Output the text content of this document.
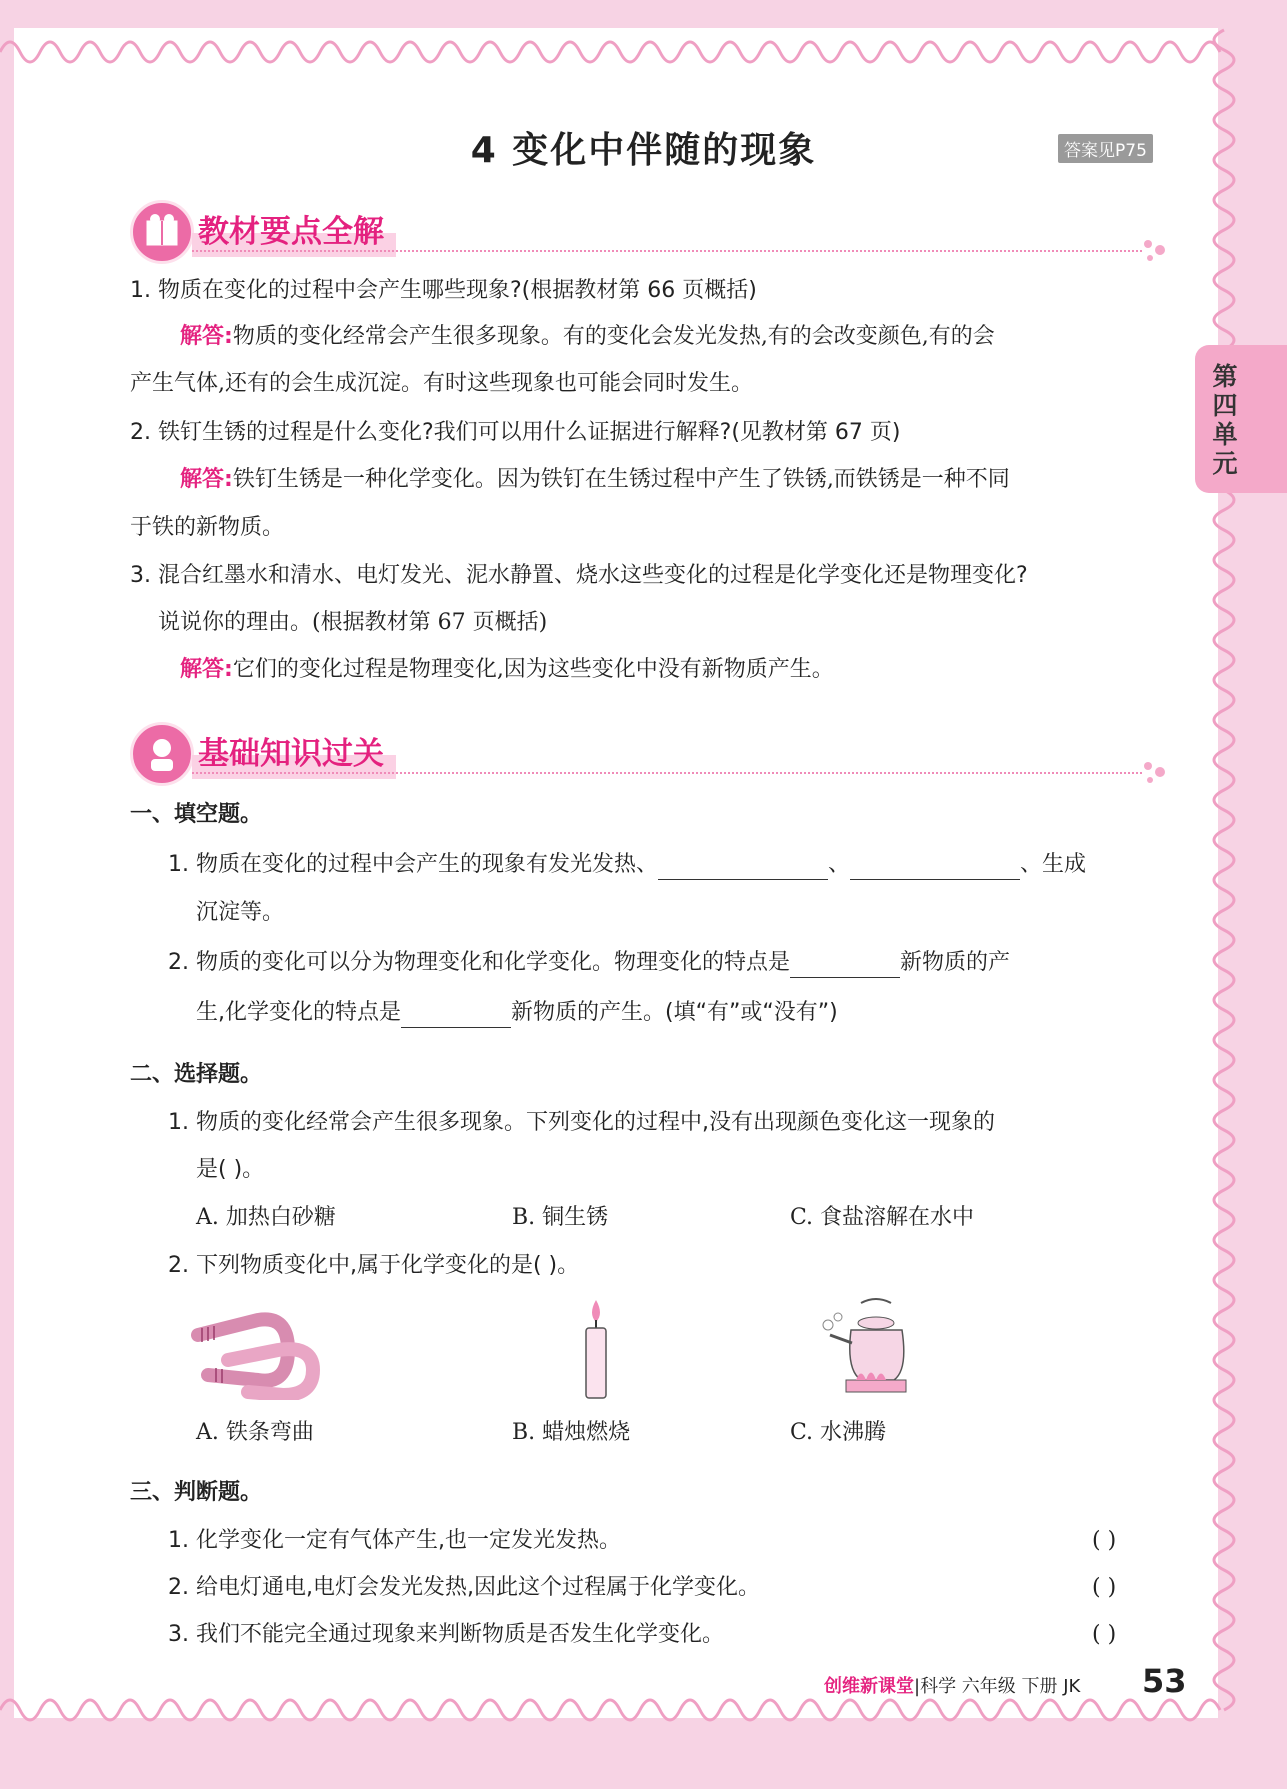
4 变化中伴随的现象	答案见P75
第四单元
教材要点全解
1. 物质在变化的过程中会产生哪些现象?(根据教材第 66 页概括)
解答:物质的变化经常会产生很多现象。有的变化会发光发热,有的会改变颜色,有的会
产生气体,还有的会生成沉淀。有时这些现象也可能会同时发生。
2. 铁钉生锈的过程是什么变化?我们可以用什么证据进行解释?(见教材第 67 页)
解答:铁钉生锈是一种化学变化。因为铁钉在生锈过程中产生了铁锈,而铁锈是一种不同
于铁的新物质。
3. 混合红墨水和清水、电灯发光、泥水静置、烧水这些变化的过程是化学变化还是物理变化?
说说你的理由。(根据教材第 67 页概括)
解答:它们的变化过程是物理变化,因为这些变化中没有新物质产生。
基础知识过关
一、填空题。
1. 物质在变化的过程中会产生的现象有发光发热、	、	、生成
沉淀等。
2. 物质的变化可以分为物理变化和化学变化。物理变化的特点是	新物质的产
生,化学变化的特点是	新物质的产生。(填“有”或“没有”)
二、选择题。
1. 物质的变化经常会产生很多现象。下列变化的过程中,没有出现颜色变化这一现象的
是( )。
A. 加热白砂糖	B. 铜生锈	C. 食盐溶解在水中
2. 下列物质变化中,属于化学变化的是( )。
A. 铁条弯曲	B. 蜡烛燃烧	C. 水沸腾
三、判断题。
1. 化学变化一定有气体产生,也一定发光发热。	( )
2. 给电灯通电,电灯会发光发热,因此这个过程属于化学变化。	( )
3. 我们不能完全通过现象来判断物质是否发生化学变化。	( )
创维新课堂|科学 六年级 下册 JK 53
